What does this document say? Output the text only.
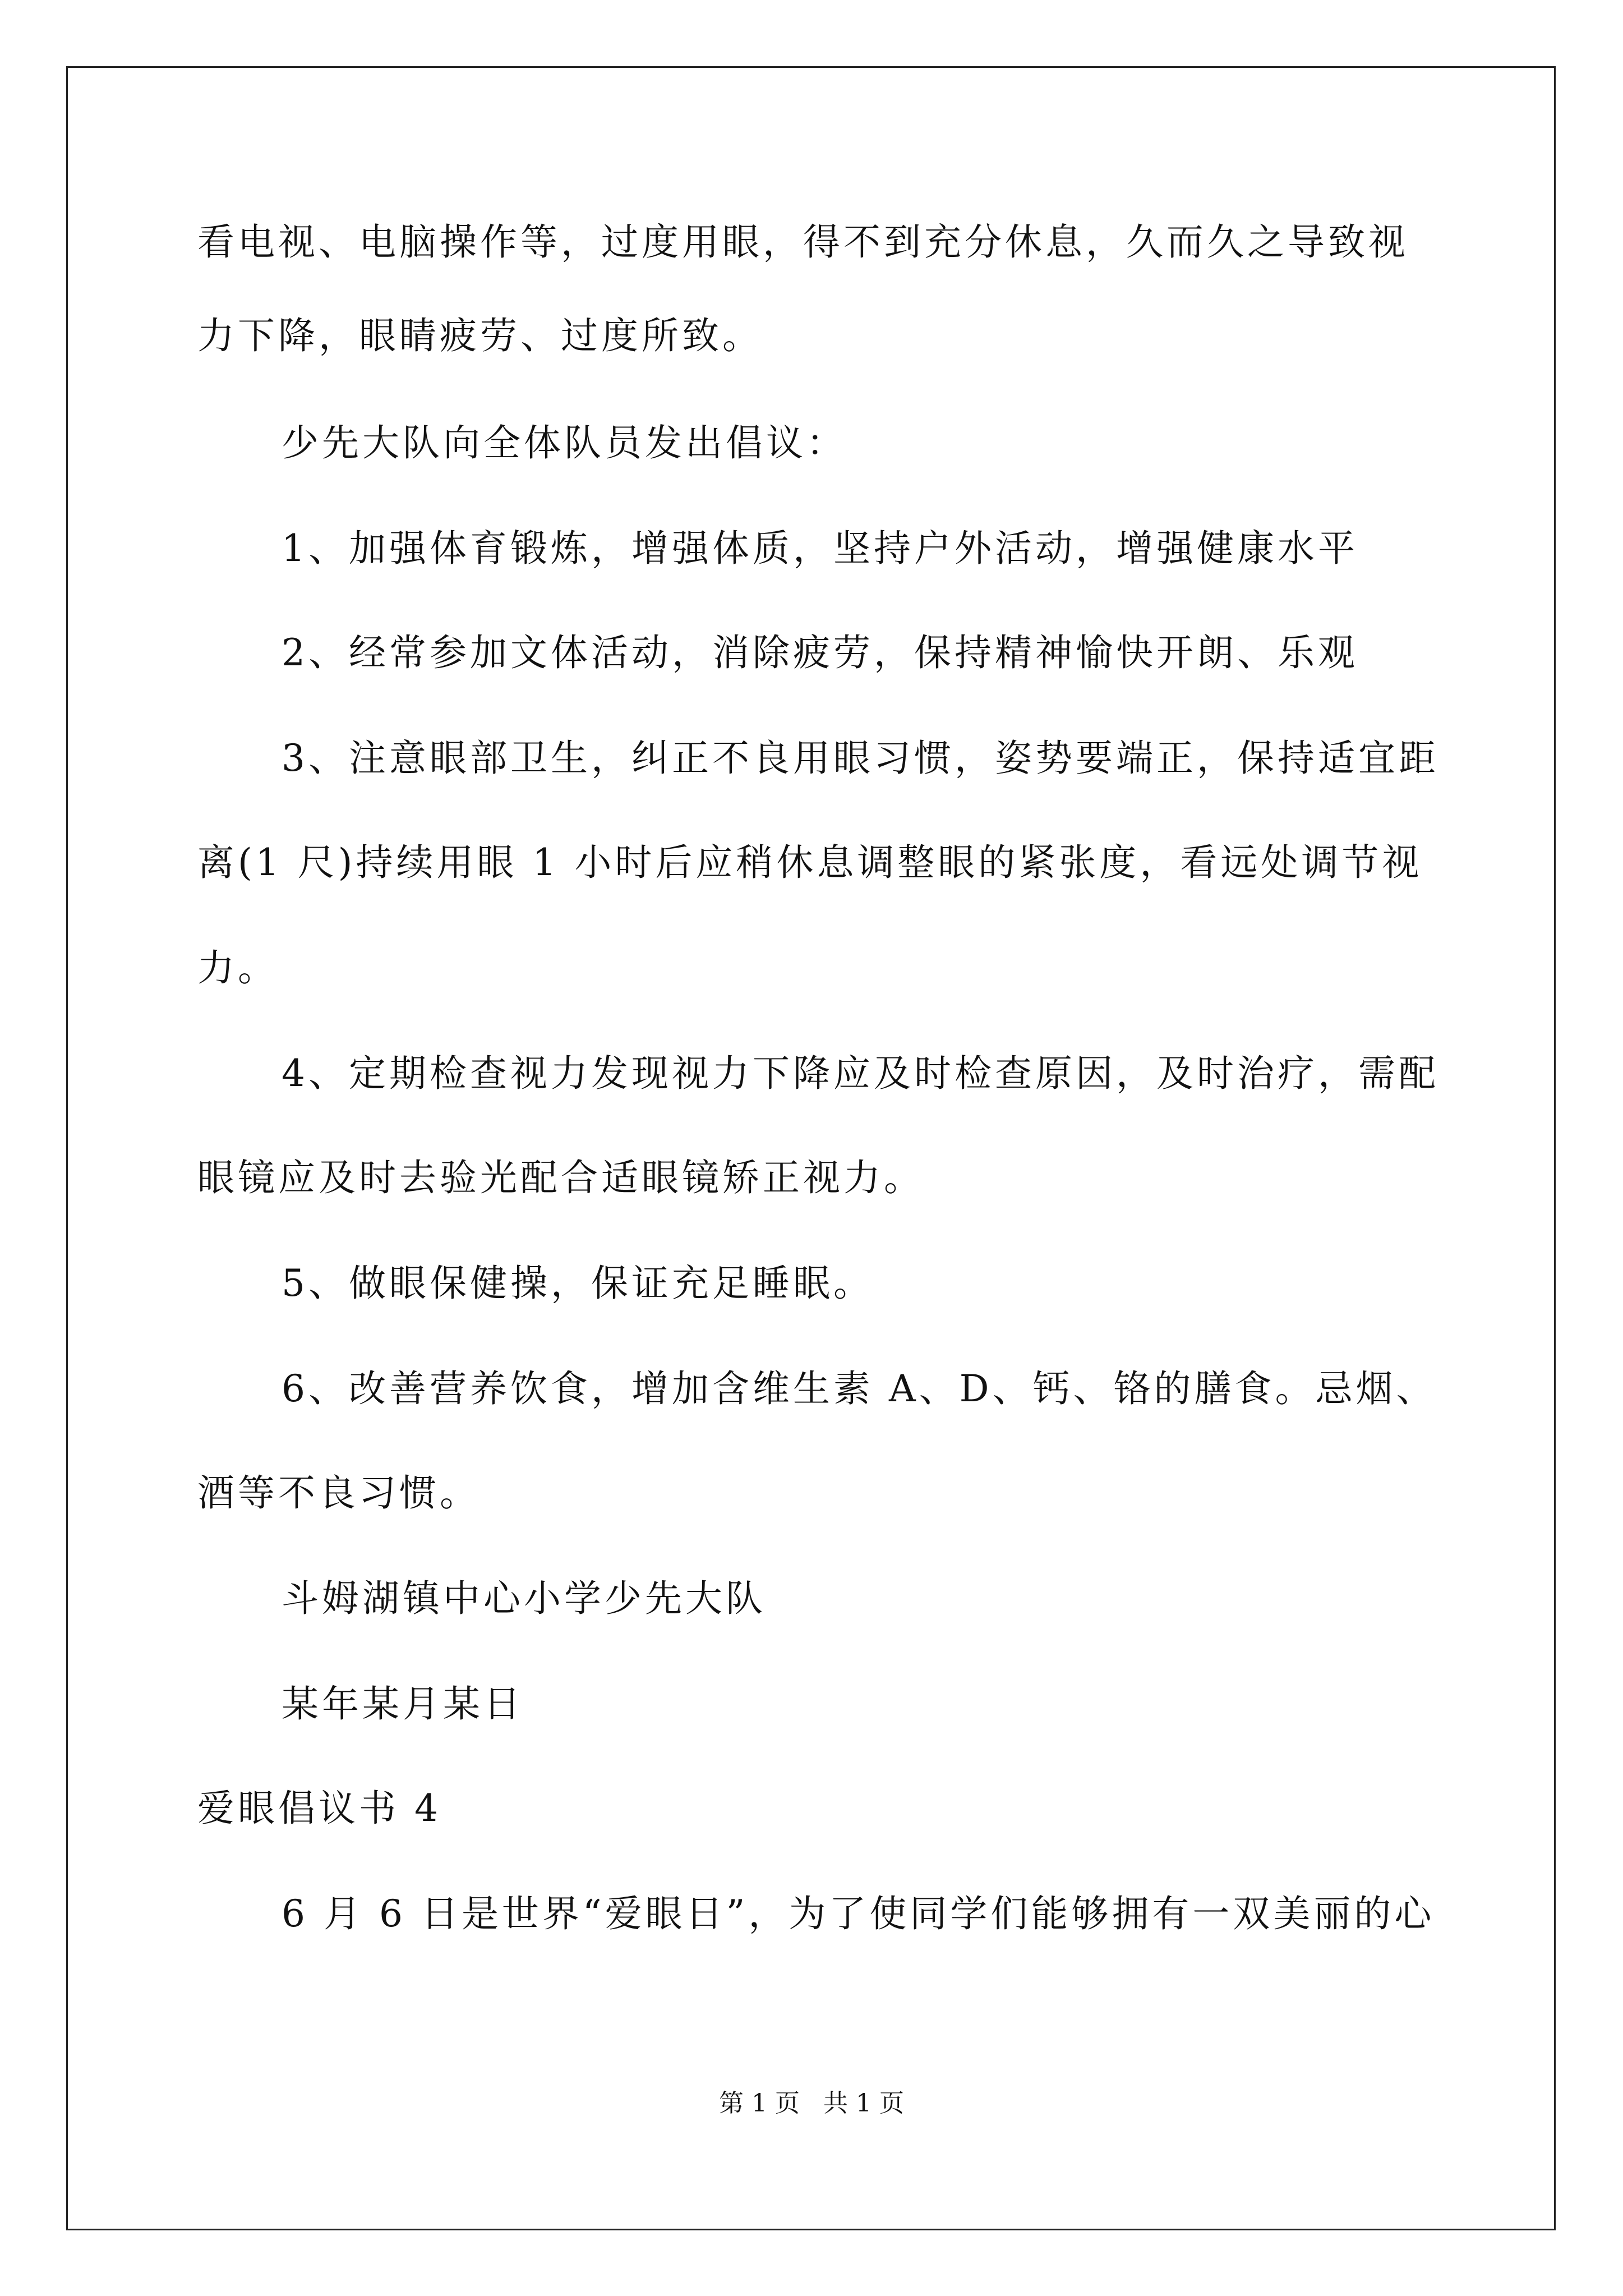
看电视、电脑操作等，过度用眼，得不到充分休息，久而久之导致视
力下降，眼睛疲劳、过度所致。
少先大队向全体队员发出倡议：
1、加强体育锻炼，增强体质，坚持户外活动，增强健康水平
2、经常参加文体活动，消除疲劳，保持精神愉快开朗、乐观
3、注意眼部卫生，纠正不良用眼习惯，姿势要端正，保持适宜距
离(1 尺)持续用眼 1 小时后应稍休息调整眼的紧张度，看远处调节视
力。
4、定期检查视力发现视力下降应及时检查原因，及时治疗，需配
眼镜应及时去验光配合适眼镜矫正视力。
5、做眼保健操，保证充足睡眠。
6、改善营养饮食，增加含维生素 A、D、钙、铬的膳食。忌烟、
酒等不良习惯。
斗姆湖镇中心小学少先大队
某年某月某日
爱眼倡议书 4
6 月 6 日是世界“爱眼日”，为了使同学们能够拥有一双美丽的心
第 1 页   共 1 页
